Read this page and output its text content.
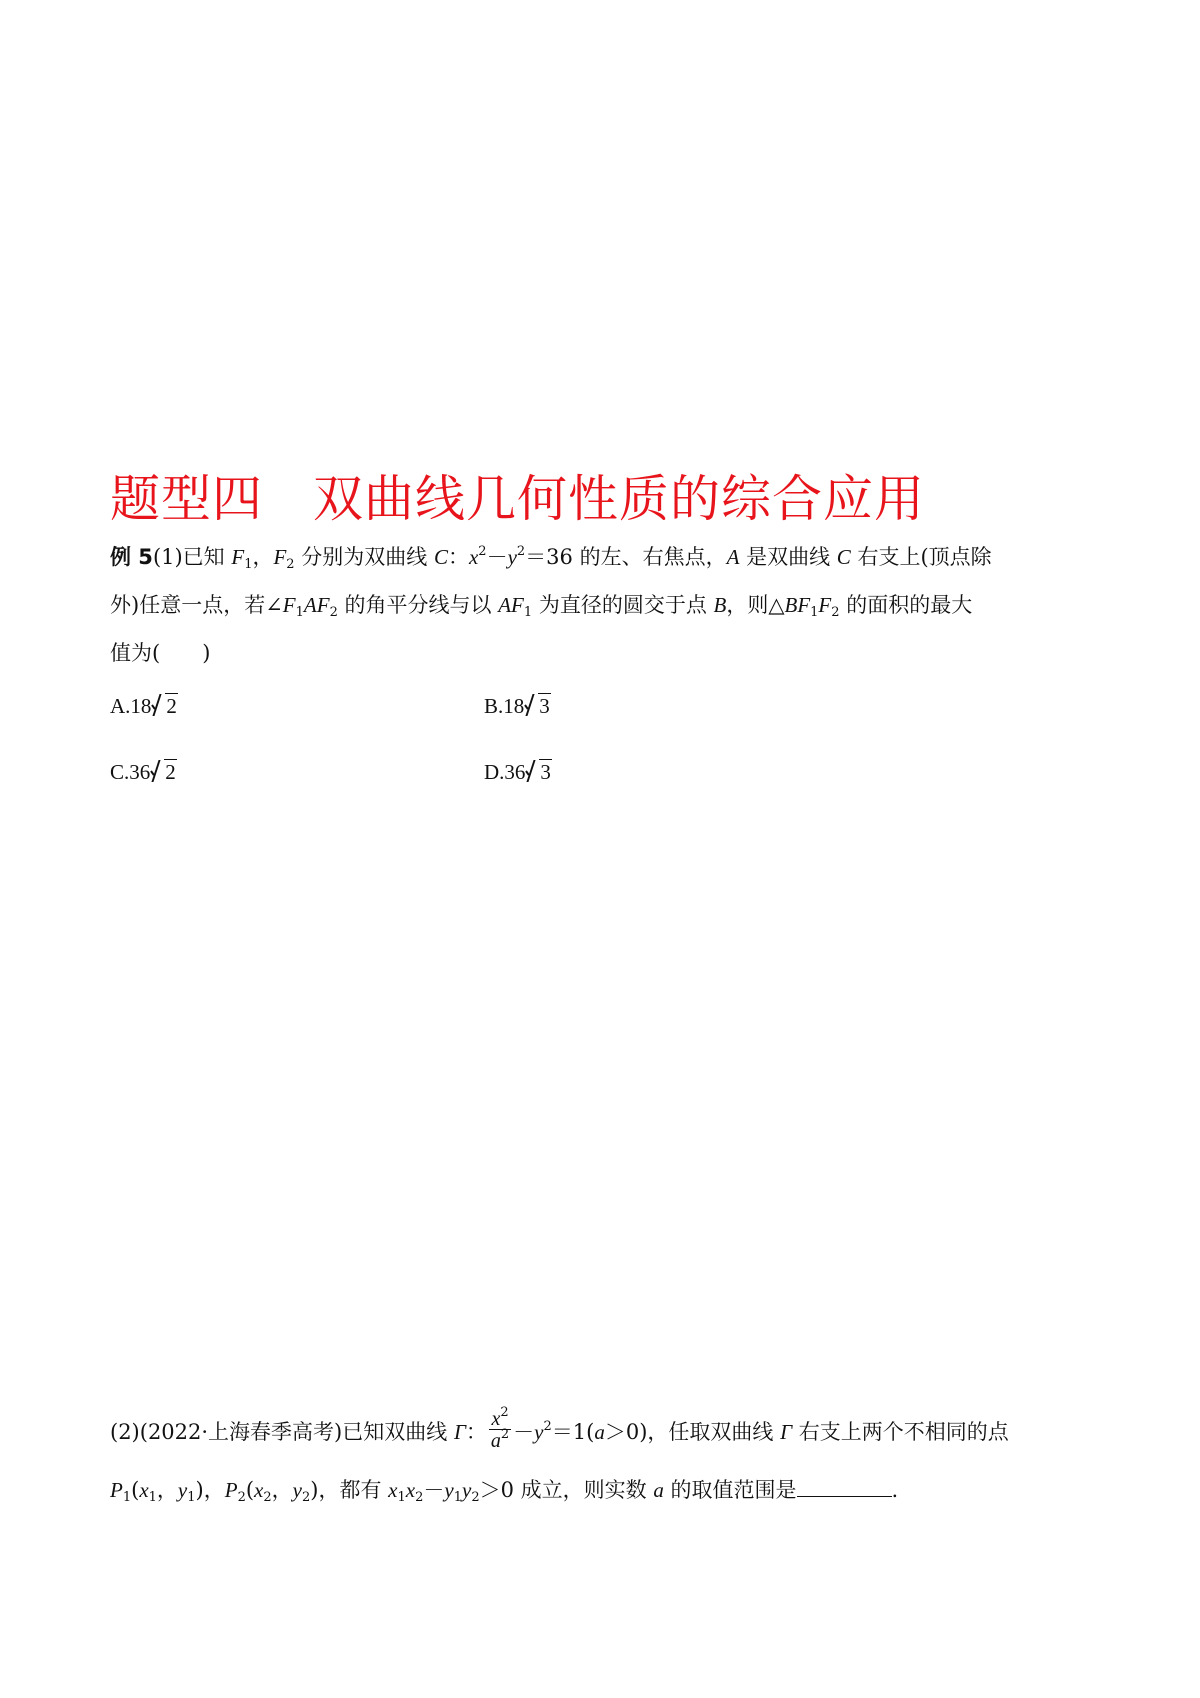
题型四 双曲线几何性质的综合应用
例 5(1)已知 $F_1$，$F_2$ 分别为双曲线 C：$x^2-y^2=36$ 的左、右焦点，A 是双曲线 C 右支上(顶点除
外)任意一点，若$\angle F_1AF_2$ 的角平分线与以 $AF_1$ 为直径的圆交于点 B，则$\triangle BF_1F_2$ 的面积的最大
值为(　　)
A.18 2	B.18 3
C.36 2	D.36 3
(2)(2022·上海春季高考)已知双曲线 Γ： $\frac{x^2}{a^2} -y^2=1(a>0)$，任取双曲线 Γ 右支上两个不相同的点
$P_1(x_1$，$y_1$)，$P_2(x_2$，$y_2$)，都有 $x_1x_2-y_1y_2>0$ 成立，则实数 a 的取值范围是	.
